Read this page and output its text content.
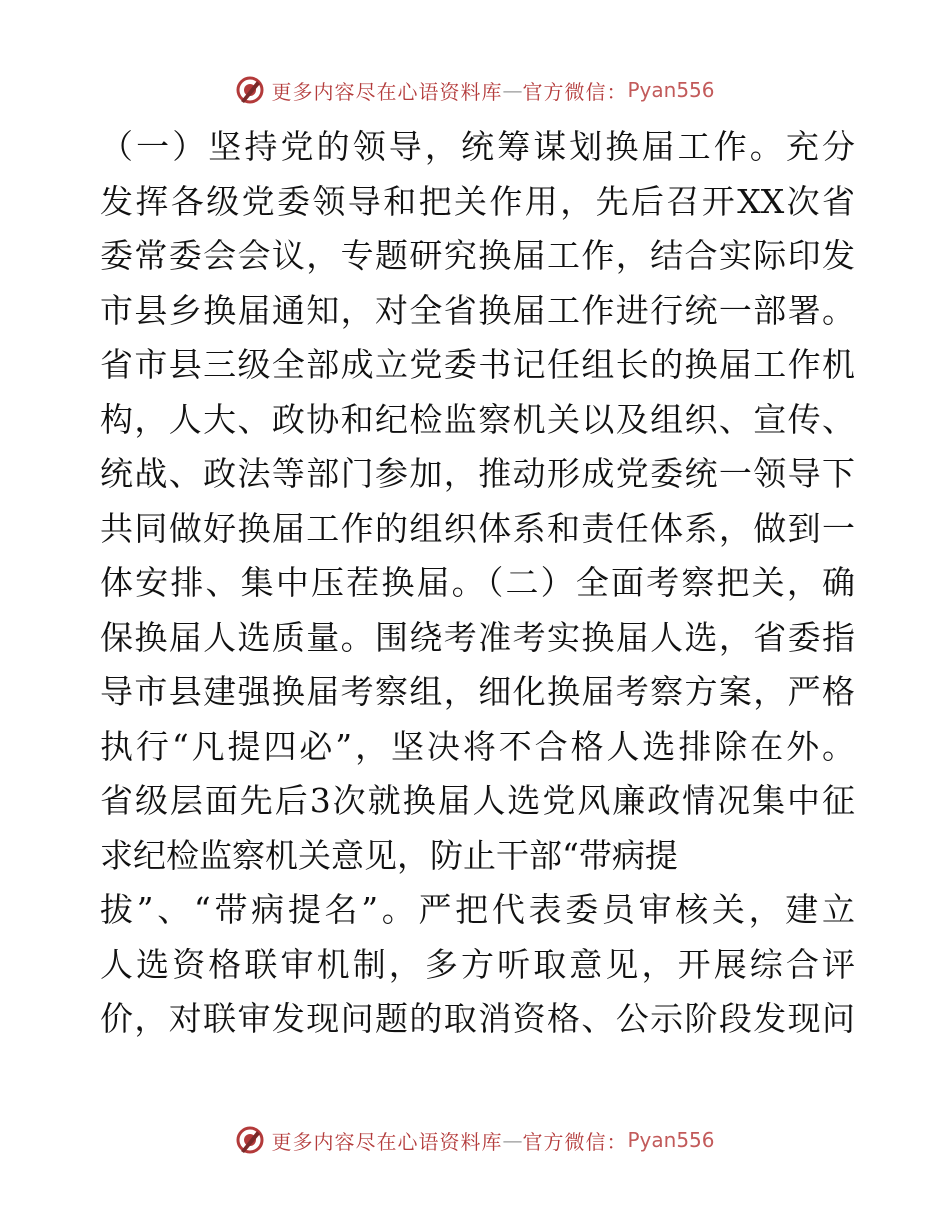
更多内容尽在心语资料库 — 官方微信： Pyan556
（一）坚持党的领导，统筹谋划换届工作。充分
发挥各级党委领导和把关作用，先后召开XX次省
委常委会会议，专题研究换届工作，结合实际印发
市县乡换届通知，对全省换届工作进行统一部署。
省市县三级全部成立党委书记任组长的换届工作机
构，人大、政协和纪检监察机关以及组织、宣传、
统战、政法等部门参加，推动形成党委统一领导下
共同做好换届工作的组织体系和责任体系，做到一
体安排、集中压茬换届。（二）全面考察把关，确
保换届人选质量。围绕考准考实换届人选，省委指
导市县建强换届考察组，细化换届考察方案，严格
执行“凡提四必”，坚决将不合格人选排除在外。
省级层面先后3次就换届人选党风廉政情况集中征
求纪检监察机关意见，防止干部“带病提
拔”、“带病提名”。严把代表委员审核关，建立
人选资格联审机制，多方听取意见，开展综合评
价，对联审发现问题的取消资格、公示阶段发现问
更多内容尽在心语资料库 — 官方微信： Pyan556
